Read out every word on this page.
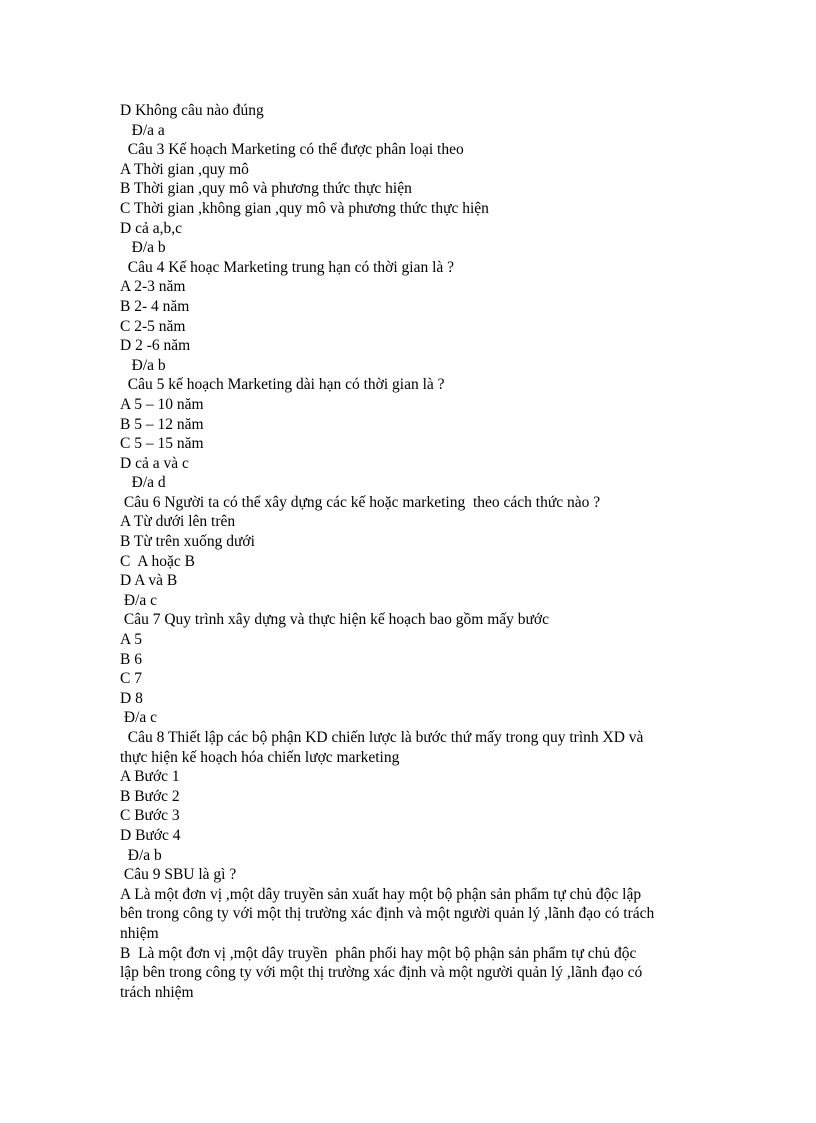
D Không câu nào đúng
Đ/a a
Câu 3 Kế hoạch Marketing có thể được phân loại theo
A Thời gian ,quy mô
B Thời gian ,quy mô và phương thức thực hiện
C Thời gian ,không gian ,quy mô và phương thức thực hiện
D cả a,b,c
Đ/a b
Câu 4 Kế hoạc Marketing trung hạn có thời gian là ?
A 2-3 năm
B 2- 4 năm
C 2-5 năm
D 2 -6 năm
Đ/a b
Câu 5 kế hoạch Marketing dài hạn có thời gian là ?
A 5 – 10 năm
B 5 – 12 năm
C 5 – 15 năm
D cả a và c
Đ/a d
Câu 6 Người ta có thể xây dựng các kế hoặc marketing  theo cách thức nào ?
A Từ dưới lên trên
B Từ trên xuống dưới
C  A hoặc B
D A và B
Đ/a c
Câu 7 Quy trình xây dựng và thực hiện kế hoạch bao gồm mấy bước
A 5
B 6
C 7
D 8
Đ/a c
Câu 8 Thiết lập các bộ phận KD chiến lược là bước thứ mấy trong quy trình XD và
thực hiện kế hoạch hóa chiến lược marketing
A Bước 1
B Bước 2
C Bước 3
D Bước 4
Đ/a b
Câu 9 SBU là gì ?
A Là một đơn vị ,một dây truyền sản xuất hay một bộ phận sản phẩm tự chủ độc lập
bên trong công ty với một thị trường xác định và một người quản lý ,lãnh đạo có trách
nhiệm
B  Là một đơn vị ,một dây truyền  phân phối hay một bộ phận sản phẩm tự chủ độc
lập bên trong công ty với một thị trường xác định và một người quản lý ,lãnh đạo có
trách nhiệm
